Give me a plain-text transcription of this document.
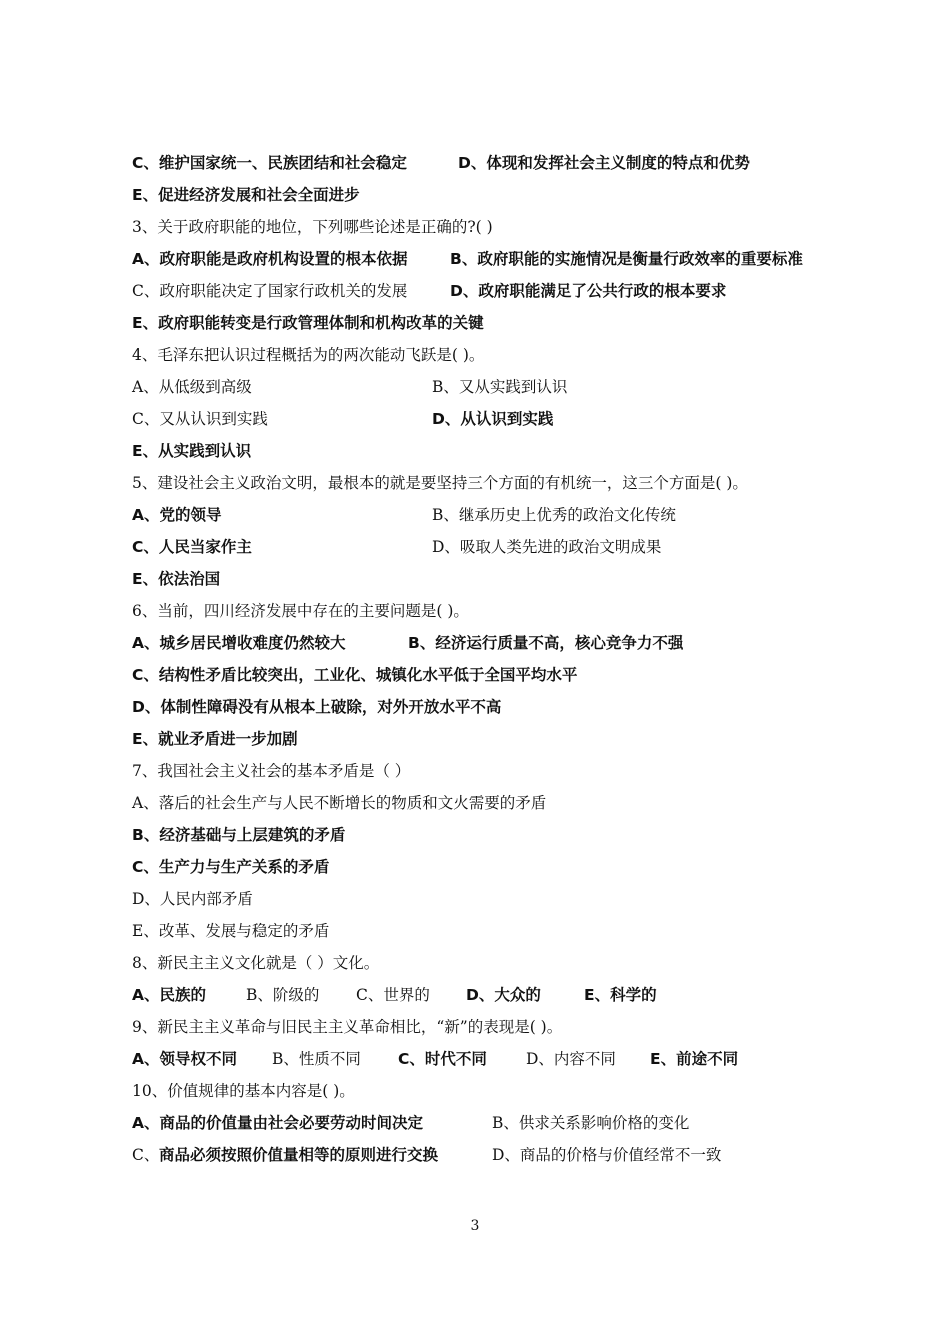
C、维护国家统一、民族团结和社会稳定	D、体现和发挥社会主义制度的特点和优势
E、促进经济发展和社会全面进步
3、关于政府职能的地位，下列哪些论述是正确的?( )
A、政府职能是政府机构设置的根本依据	B、政府职能的实施情况是衡量行政效率的重要标准
C、政府职能决定了国家行政机关的发展	D、政府职能满足了公共行政的根本要求
E、政府职能转变是行政管理体制和机构改革的关键
4、毛泽东把认识过程概括为的两次能动飞跃是( )。
A、从低级到高级	B、又从实践到认识
C、又从认识到实践	D、从认识到实践
E、从实践到认识
5、建设社会主义政治文明，最根本的就是要坚持三个方面的有机统一，这三个方面是( )。
A、党的领导	B、继承历史上优秀的政治文化传统
C、人民当家作主	D、吸取人类先进的政治文明成果
E、依法治国
6、当前，四川经济发展中存在的主要问题是( )。
A、城乡居民增收难度仍然较大	B、经济运行质量不高，核心竞争力不强
C、结构性矛盾比较突出，工业化、城镇化水平低于全国平均水平
D、体制性障碍没有从根本上破除，对外开放水平不高
E、就业矛盾进一步加剧
7、我国社会主义社会的基本矛盾是（ ）
A、落后的社会生产与人民不断增长的物质和文火需要的矛盾
B、经济基础与上层建筑的矛盾
C、生产力与生产关系的矛盾
D、人民内部矛盾
E、改革、发展与稳定的矛盾
8、新民主主义文化就是（ ）文化。
A、民族的	B、阶级的 C、世界的 D、大众的	E、科学的
9、新民主主义革命与旧民主主义革命相比，“新”的表现是( )。
A、领导权不同 B、性质不同 C、时代不同	D、内容不同 E、前途不同
10、价值规律的基本内容是( )。
A、商品的价值量由社会必要劳动时间决定	B、供求关系影响价格的变化
C、 商品必须按照价值量相等的原则进行交换	D、商品的价格与价值经常不一致
3
